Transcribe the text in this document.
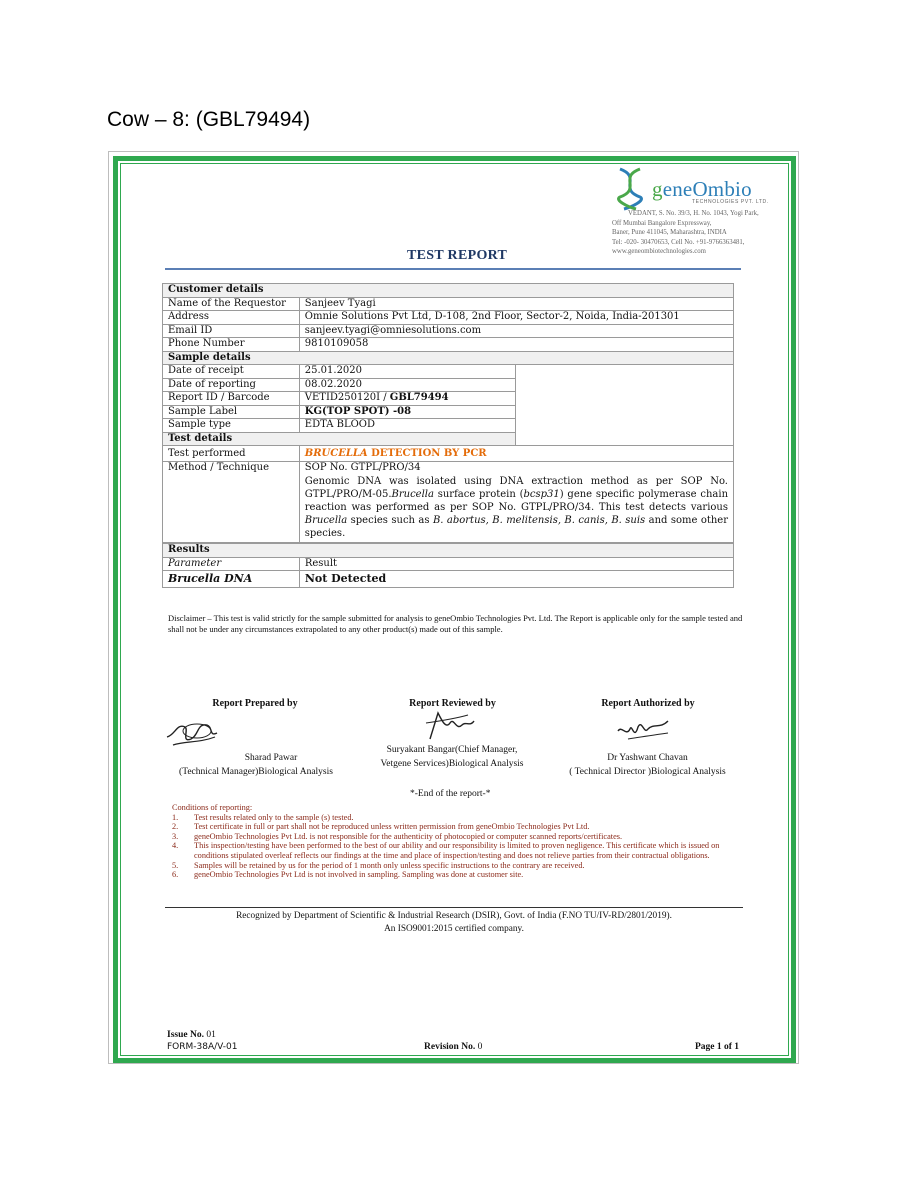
Cow – 8: (GBL79494)
geneOmbio
TECHNOLOGIES PVT. LTD.
VEDANT, S. No. 39/3, H. No. 1043, Yogi Park,
Off Mumbai Bangalore Expressway,
Baner, Pune 411045, Maharashtra, INDIA
Tel: -020- 30470653, Cell No. +91-9766363481,
www.geneombiotechnologies.com
TEST REPORT
Customer details		
Name of the Requestor	Sanjeev Tyagi	
Address	Omnie Solutions Pvt Ltd, D-108, 2nd Floor, Sector-2, Noida, India-201301	
Email ID	sanjeev.tyagi@omniesolutions.com	
Phone Number	9810109058	
Sample details		
Date of receipt	25.01.2020	
Date of reporting	08.02.2020	
Report ID / Barcode	VETID250120I / GBL79494	
Sample Label	KG(TOP SPOT) -08	
Sample type	EDTA BLOOD	
Test details		
Test performed	BRUCELLA DETECTION BY PCR	
Method / Technique	SOP No. GTPL/PRO/34	
	Genomic DNA was isolated using DNA extraction method as per SOP No. GTPL/PRO/M-05.Brucella surface protein (bcsp31) gene specific polymerase chain reaction was performed as per SOP No. GTPL/PRO/34. This test detects various Brucella species such as B. abortus, B. melitensis, B. canis, B. suis and some other species.	
Results	
Parameter	Result
Brucella DNA	Not Detected
Disclaimer – This test is valid strictly for the sample submitted for analysis to geneOmbio Technologies Pvt. Ltd. The Report is applicable only for the sample tested and shall not be under any circumstances extrapolated to any other product(s) made out of this sample.
Report Prepared by
Sharad Pawar
(Technical Manager)Biological Analysis
Report Reviewed by
Suryakant Bangar(Chief Manager,
Vetgene Services)Biological Analysis
Report Authorized by
Dr Yashwant Chavan
( Technical Director )Biological Analysis
*-End of the report-*
Conditions of reporting:
1.	Test results related only to the sample (s) tested.
2.	Test certificate in full or part shall not be reproduced unless written permission from geneOmbio Technologies Pvt Ltd.
3.	geneOmbio Technologies Pvt Ltd. is not responsible for the authenticity of photocopied or computer scanned reports/certificates.
4.	This inspection/testing have been performed to the best of our ability and our responsibility is limited to proven negligence. This certificate which is issued on conditions stipulated overleaf reflects our findings at the time and place of inspection/testing and does not relieve parties from their contractual obligations.
5.	Samples will be retained by us for the period of 1 month only unless specific instructions to the contrary are received.
6.	geneOmbio Technologies Pvt Ltd is not involved in sampling. Sampling was done at customer site.
Recognized by Department of Scientific & Industrial Research (DSIR), Govt. of India (F.NO TU/IV-RD/2801/2019).
An ISO9001:2015 certified company.
Issue No. 01
FORM-38A/V-01	Revision No. 0	Page 1 of 1
